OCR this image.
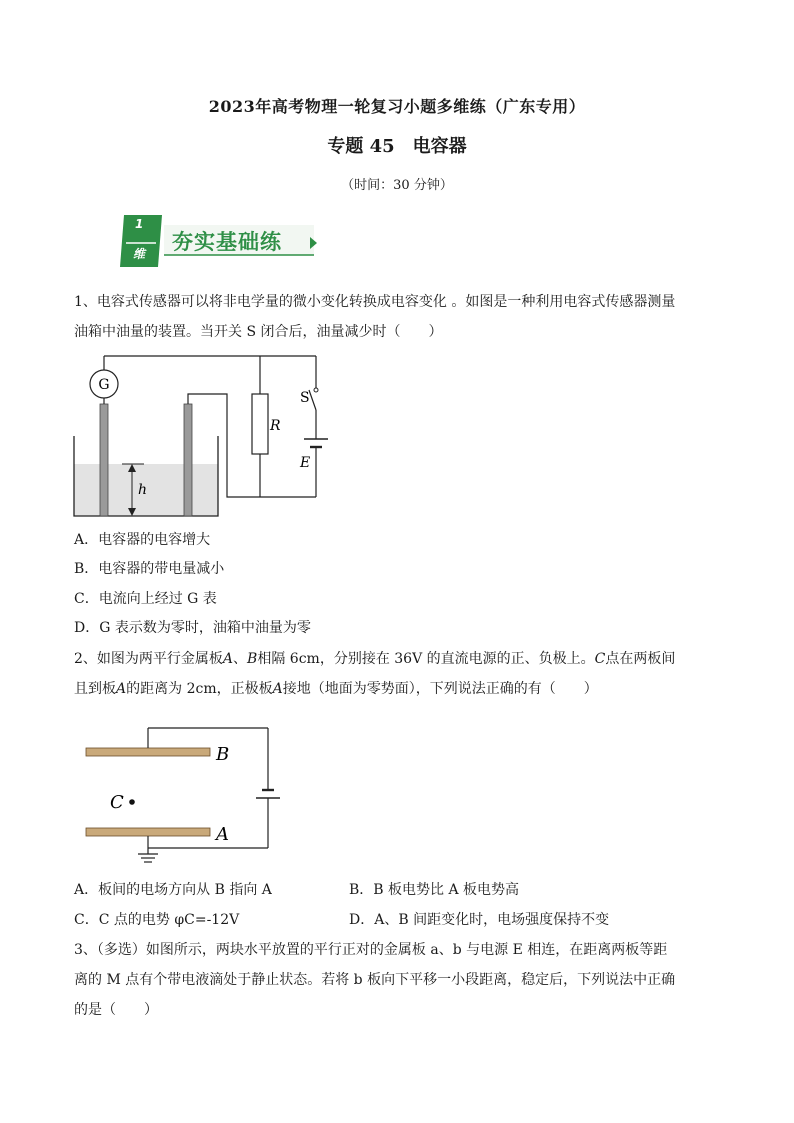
2023年高考物理一轮复习小题多维练（广东专用）
专题 45 电容器
（时间：30 分钟）
1
维 夯实基础练
1、电容式传感器可以将非电学量的微小变化转换成电容变化 。如图是一种利用电容式传感器测量
油箱中油量的装置。当开关 S 闭合后，油量减少时（　　）
G
R
S
E
h
A．电容器的电容增大
B．电容器的带电量减小
C．电流向上经过 G 表
D．G 表示数为零时，油箱中油量为零
2、如图为两平行金属板A、B相隔 6cm，分别接在 36V 的直流电源的正、负极上。C点在两板间
且到板A的距离为 2cm，正极板A接地（地面为零势面），下列说法正确的有（　　）
B
A
C
A．板间的电场方向从 B 指向 A	B．B 板电势比 A 板电势高
C．C 点的电势 φC=-12V	D．A、B 间距变化时，电场强度保持不变
3、（多选）如图所示，两块水平放置的平行正对的金属板 a、b 与电源 E 相连，在距离两板等距
离的 M 点有个带电液滴处于静止状态。若将 b 板向下平移一小段距离，稳定后，下列说法中正确
的是（　　）
